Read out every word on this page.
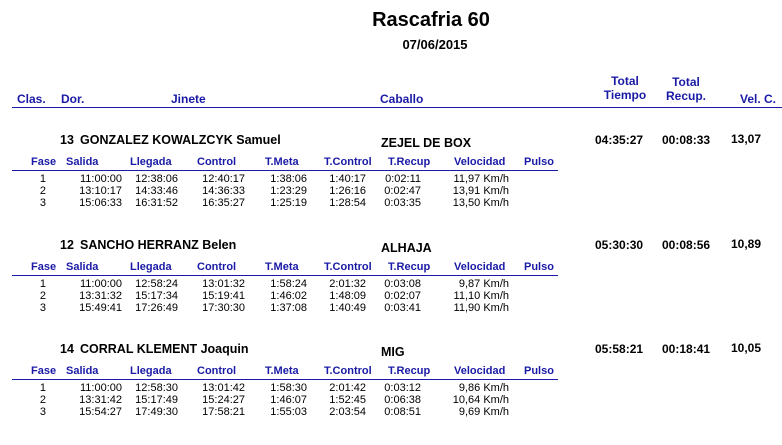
Rascafria 60
07/06/2015
Clas. Dor.	Jinete	Caballo
Total
Tiempo
Total
Recup.	Vel. C.
13 GONZALEZ KOWALZCYK Samuel	ZEJEL DE BOX	04:35:27 00:08:33 13,07
Fase Salida	Llegada Control	T.Meta T.Control T.Recup Velocidad Pulso
1	11:00:00	12:38:06	12:40:17	1:38:06	1:40:17	0:02:11	11,97 Km/h
2	13:10:17	14:33:46	14:36:33	1:23:29	1:26:16 0:02:47	13,91 Km/h
3	15:06:33	16:31:52	16:35:27	1:25:19	1:28:54 0:03:35	13,50 Km/h
12 SANCHO HERRANZ Belen	ALHAJA	05:30:30 00:08:56 10,89
Fase Salida	Llegada Control	T.Meta T.Control T.Recup Velocidad Pulso
1	11:00:00	12:58:24	13:01:32	1:58:24	2:01:32 0:03:08	9,87 Km/h
2	13:31:32	15:17:34	15:19:41	1:46:02	1:48:09 0:02:07	11,10 Km/h
3	15:49:41	17:26:49	17:30:30	1:37:08	1:40:49 0:03:41	11,90 Km/h
14 CORRAL KLEMENT Joaquin	MIG	05:58:21 00:18:41 10,05
Fase Salida	Llegada Control	T.Meta T.Control T.Recup Velocidad Pulso
1	11:00:00	12:58:30	13:01:42	1:58:30	2:01:42 0:03:12	9,86 Km/h
2	13:31:42	15:17:49	15:24:27	1:46:07	1:52:45 0:06:38	10,64 Km/h
3	15:54:27	17:49:30	17:58:21	1:55:03	2:03:54 0:08:51	9,69 Km/h
